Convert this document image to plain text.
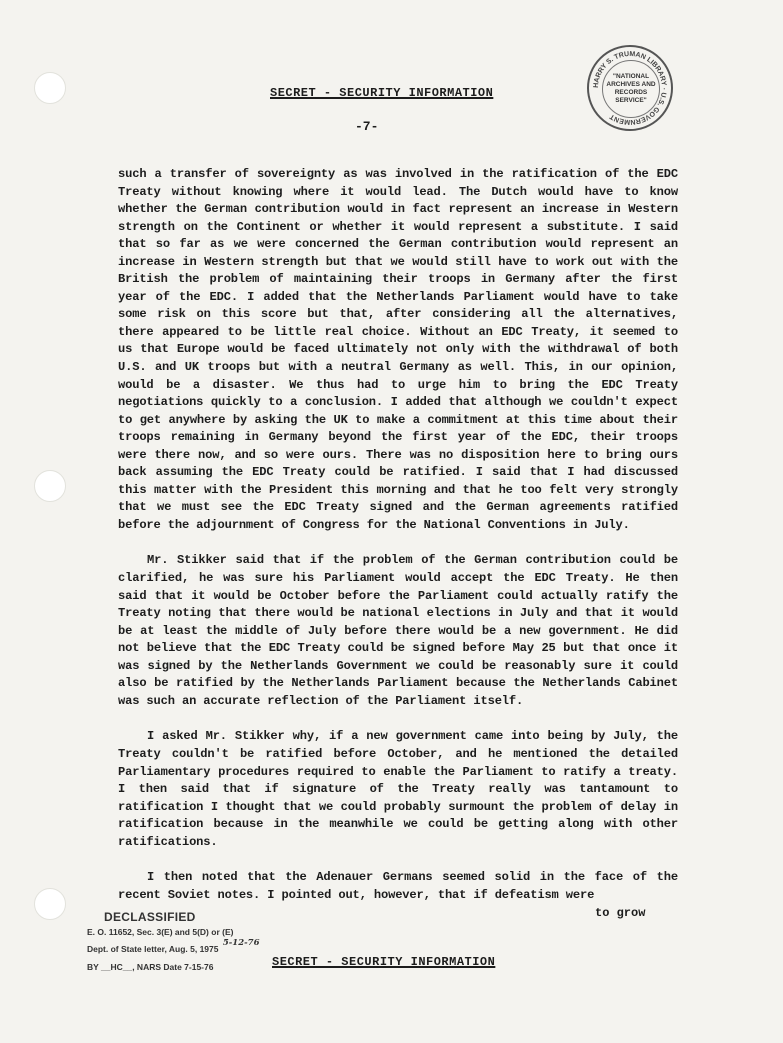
HARRY S. TRUMAN LIBRARY · U.S. GOVERNMENT
"NATIONAL ARCHIVES AND RECORDS SERVICE"
SECRET - SECURITY INFORMATION
-7-

such a transfer of sovereignty as was involved in the ratification of the EDC Treaty without knowing where it would lead. The Dutch would have to know whether the German contribution would in fact represent an increase in Western strength on the Continent or whether it would represent a substitute. I said that so far as we were concerned the German contribution would represent an increase in Western strength but that we would still have to work out with the British the problem of maintaining their troops in Germany after the first year of the EDC. I added that the Netherlands Parliament would have to take some risk on this score but that, after considering all the alternatives, there appeared to be little real choice. Without an EDC Treaty, it seemed to us that Europe would be faced ultimately not only with the withdrawal of both U.S. and UK troops but with a neutral Germany as well. This, in our opinion, would be a disaster. We thus had to urge him to bring the EDC Treaty negotiations quickly to a conclusion. I added that although we couldn't expect to get anywhere by asking the UK to make a commitment at this time about their troops remaining in Germany beyond the first year of the EDC, their troops were there now, and so were ours. There was no disposition here to bring ours back assuming the EDC Treaty could be ratified. I said that I had discussed this matter with the President this morning and that he too felt very strongly that we must see the EDC Treaty signed and the German agreements ratified before the adjournment of Congress for the National Conventions in July.

Mr. Stikker said that if the problem of the German contribution could be clarified, he was sure his Parliament would accept the EDC Treaty. He then said that it would be October before the Parliament could actually ratify the Treaty noting that there would be national elections in July and that it would be at least the middle of July before there would be a new government. He did not believe that the EDC Treaty could be signed before May 25 but that once it was signed by the Netherlands Government we could be reasonably sure it could also be ratified by the Netherlands Parliament because the Netherlands Cabinet was such an accurate reflection of the Parliament itself.

I asked Mr. Stikker why, if a new government came into being by July, the Treaty couldn't be ratified before October, and he mentioned the detailed Parliamentary procedures required to enable the Parliament to ratify a treaty. I then said that if signature of the Treaty really was tantamount to ratification I thought that we could probably surmount the problem of delay in ratification because in the meanwhile we could be getting along with other ratifications.

I then noted that the Adenauer Germans seemed solid in the face of the recent Soviet notes. I pointed out, however, that if defeatism were

to grow
DECLASSIFIED
E. O. 11652, Sec. 3(E) and 5(D) or (E)
Dept. of State letter, Aug. 5, 1975 5-12-76
BY __HC__, NARS Date 7-15-76	SECRET - SECURITY INFORMATION
